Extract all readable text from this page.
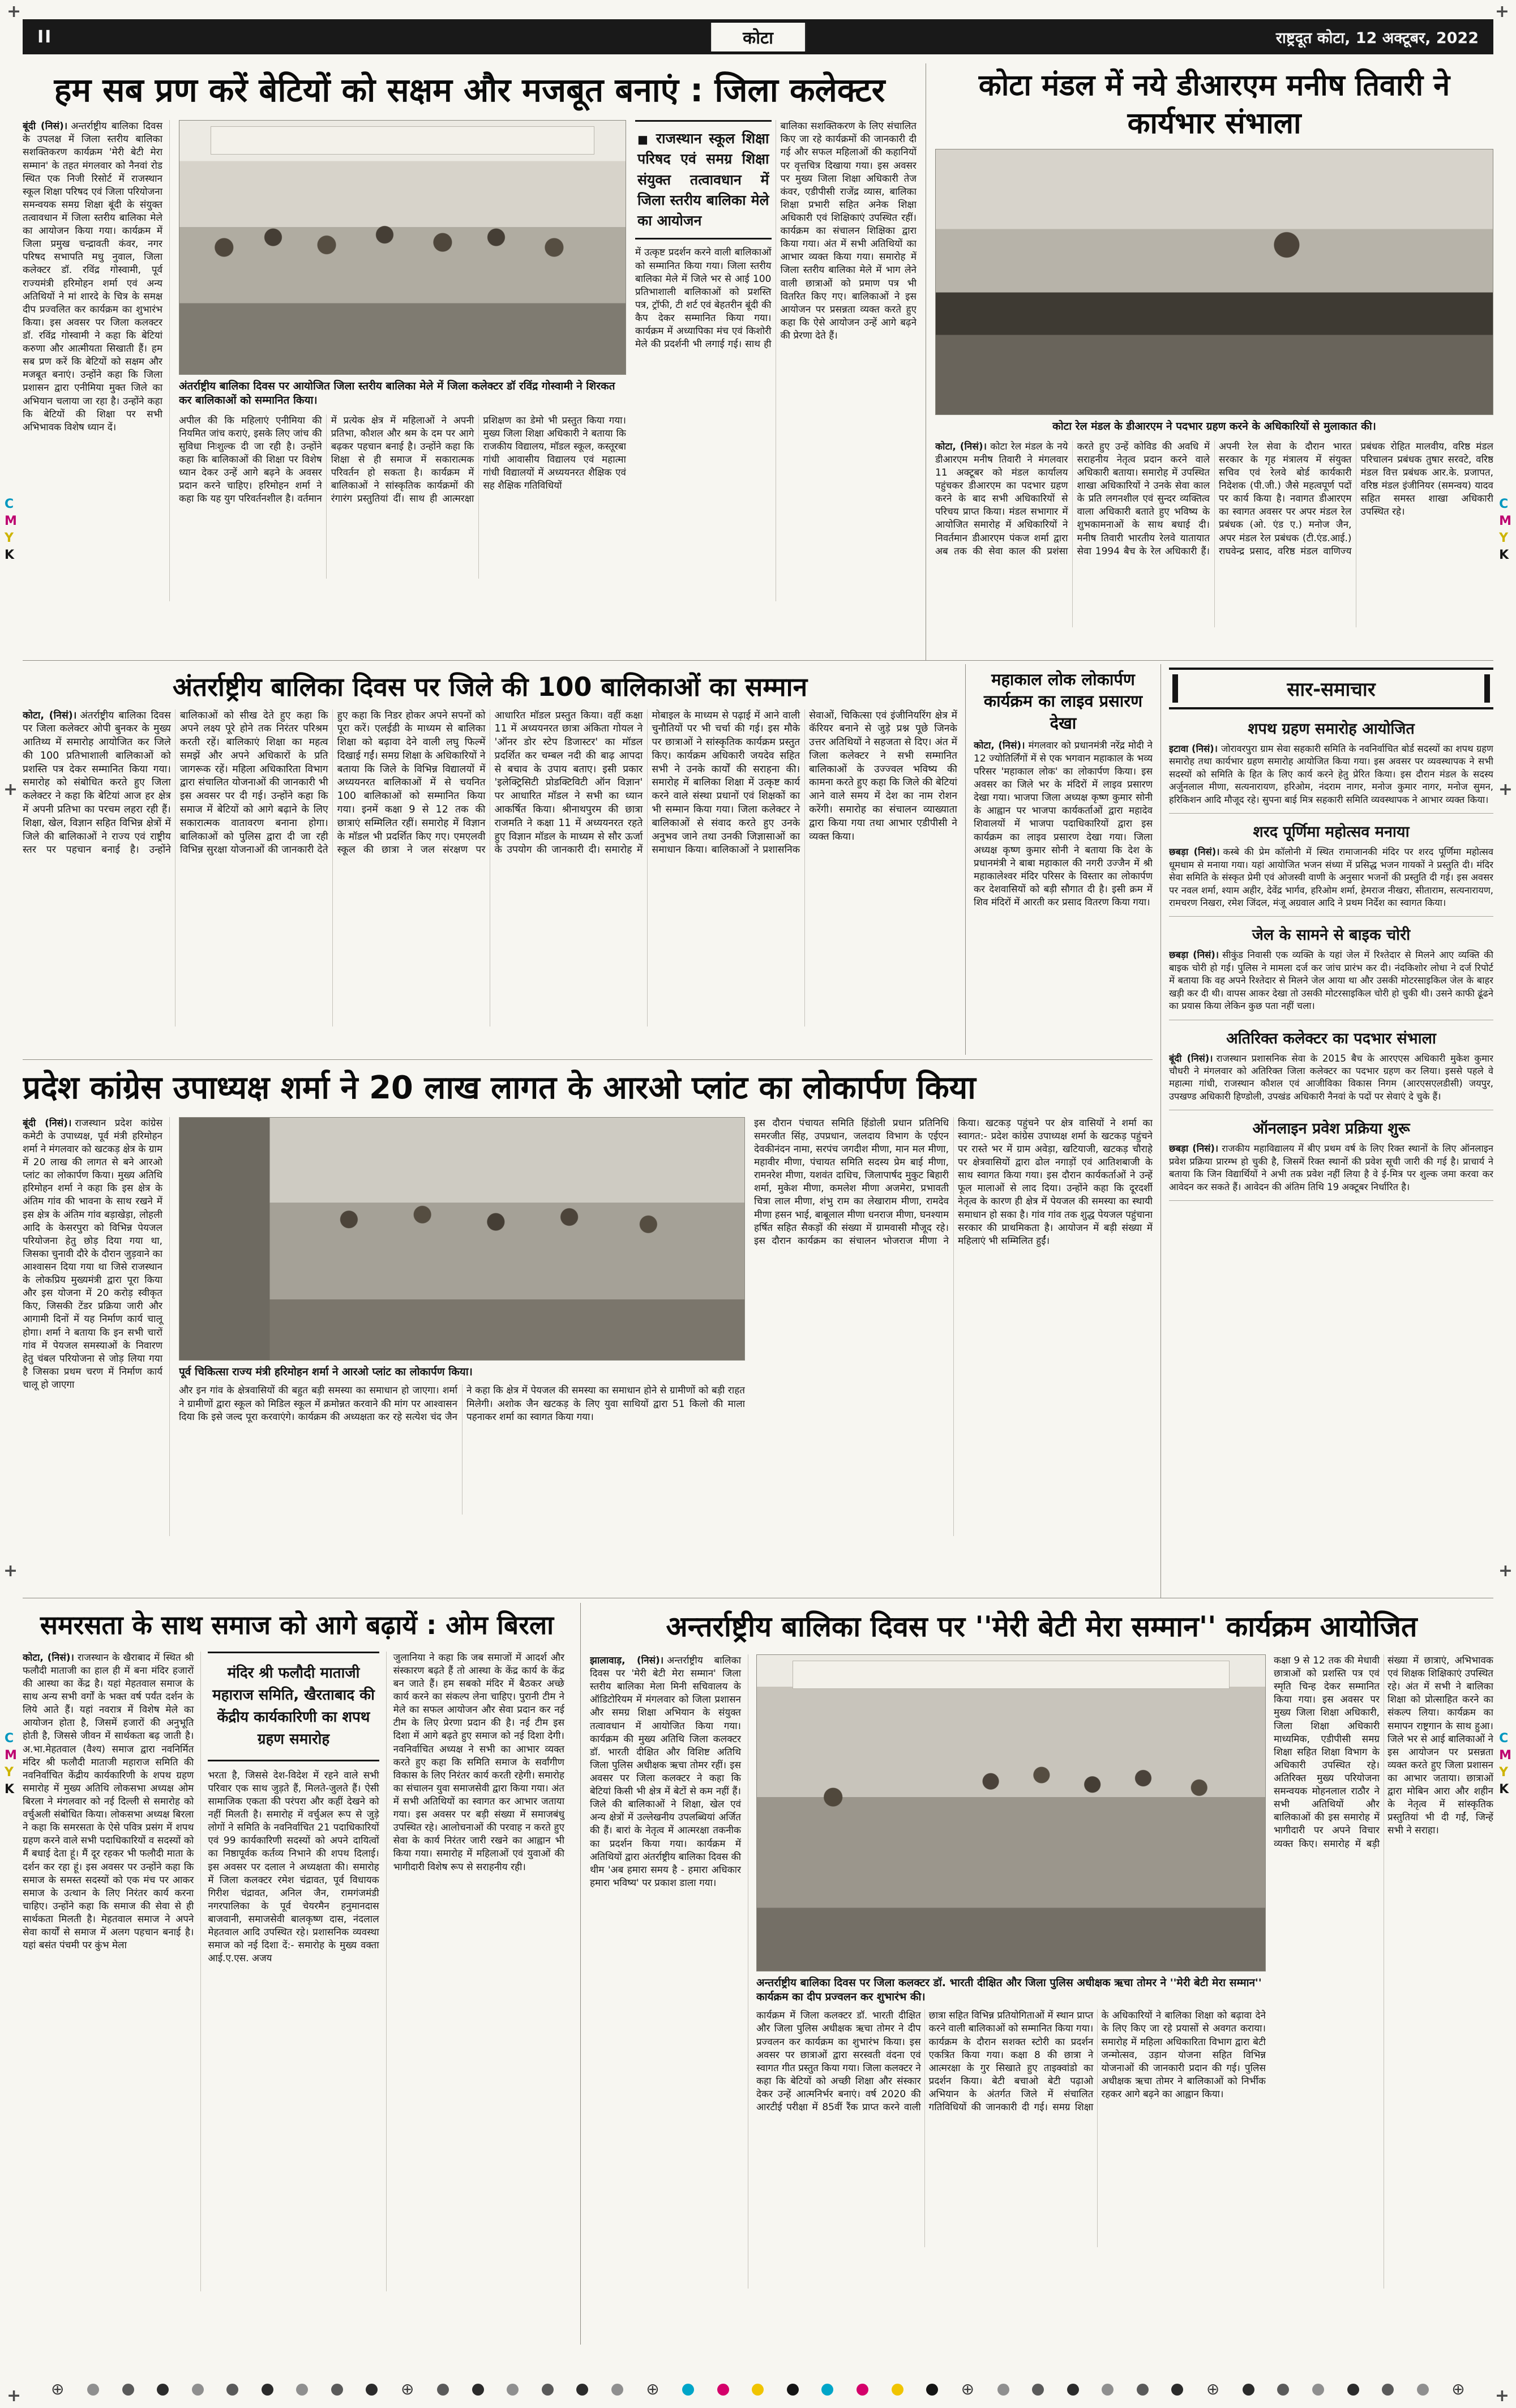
+	+
+	+
+	+
+	+
C
M
Y
K
C
M
Y
K
C
M
Y
K
C
M
Y
K
II	कोटा	राष्ट्रदूत कोटा, 12 अक्टूबर, 2022
हम सब प्रण करें बेटियों को सक्षम और मजबूत बनाएं : जिला कलेक्टर
बूंदी (निसं)। अन्तर्राष्ट्रीय बालिका दिवस के उपलक्ष में जिला स्तरीय बालिका सशक्तिकरण कार्यक्रम 'मेरी बेटी मेरा सम्मान' के तहत मंगलवार को नैनवां रोड स्थित एक निजी रिसोर्ट में राजस्थान स्कूल शिक्षा परिषद एवं जिला परियोजना समन्वयक समग्र शिक्षा बूंदी के संयुक्त तत्वावधान में जिला स्तरीय बालिका मेले का आयोजन किया गया। कार्यक्रम में जिला प्रमुख चन्द्रावती कंवर, नगर परिषद सभापति मधु नुवाल, जिला कलेक्टर डॉ. रविंद्र गोस्वामी, पूर्व राज्यमंत्री हरिमोहन शर्मा एवं अन्य अतिथियों ने मां शारदे के चित्र के समक्ष दीप प्रज्वलित कर कार्यक्रम का शुभारंभ किया। इस अवसर पर जिला कलक्टर डॉ. रविंद्र गोस्वामी ने कहा कि बेटियां करुणा और आत्मीयता सिखाती हैं। हम सब प्रण करें कि बेटियों को सक्षम और मजबूत बनाएं। उन्होंने कहा कि जिला प्रशासन द्वारा एनीमिया मुक्त जिले का अभियान चलाया जा रहा है। उन्होंने कहा कि बेटियों की शिक्षा पर सभी अभिभावक विशेष ध्यान दें।
अंतर्राष्ट्रीय बालिका दिवस पर आयोजित जिला स्तरीय बालिका मेले में जिला कलेक्टर डॉ रविंद्र गोस्वामी ने शिरकत कर बालिकाओं को सम्मानित किया।
अपील की कि महिलाएं एनीमिया की नियमित जांच कराएं, इसके लिए जांच की सुविधा निःशुल्क दी जा रही है। उन्होंने कहा कि बालिकाओं की शिक्षा पर विशेष ध्यान देकर उन्हें आगे बढ़ने के अवसर प्रदान करने चाहिए। हरिमोहन शर्मा ने कहा कि यह युग परिवर्तनशील है। वर्तमान में प्रत्येक क्षेत्र में महिलाओं ने अपनी प्रतिभा, कौशल और श्रम के दम पर आगे बढ़कर पहचान बनाई है। उन्होंने कहा कि शिक्षा से ही समाज में सकारात्मक परिवर्तन हो सकता है। कार्यक्रम में बालिकाओं ने सांस्कृतिक कार्यक्रमों की रंगारंग प्रस्तुतियां दीं। साथ ही आत्मरक्षा प्रशिक्षण का डेमो भी प्रस्तुत किया गया। मुख्य जिला शिक्षा अधिकारी ने बताया कि राजकीय विद्यालय, मॉडल स्कूल, कस्तूरबा गांधी आवासीय विद्यालय एवं महात्मा गांधी विद्यालयों में अध्ययनरत शैक्षिक एवं सह शैक्षिक गतिविधियों
■ राजस्थान स्कूल शिक्षा परिषद एवं समग्र शिक्षा संयुक्त तत्वावधान में जिला स्तरीय बालिका मेले का आयोजन
में उत्कृष्ट प्रदर्शन करने वाली बालिकाओं को सम्मानित किया गया। जिला स्तरीय बालिका मेले में जिले भर से आई 100 प्रतिभाशाली बालिकाओं को प्रशस्ति पत्र, ट्रॉफी, टी शर्ट एवं बेहतरीन बूंदी की कैप देकर सम्मानित किया गया। कार्यक्रम में अध्यापिका मंच एवं किशोरी मेले की प्रदर्शनी भी लगाई गई। साथ ही बालिका सशक्तिकरण के लिए संचालित किए जा रहे कार्यक्रमों की जानकारी दी गई और सफल महिलाओं की कहानियों पर वृत्तचित्र दिखाया गया। इस अवसर पर मुख्य जिला शिक्षा अधिकारी तेज कंवर, एडीपीसी राजेंद्र व्यास, बालिका शिक्षा प्रभारी सहित अनेक शिक्षा अधिकारी एवं शिक्षिकाएं उपस्थित रहीं। कार्यक्रम का संचालन शिक्षिका द्वारा किया गया। अंत में सभी अतिथियों का आभार व्यक्त किया गया। समारोह में जिला स्तरीय बालिका मेले में भाग लेने वाली छात्राओं को प्रमाण पत्र भी वितरित किए गए। बालिकाओं ने इस आयोजन पर प्रसन्नता व्यक्त करते हुए कहा कि ऐसे आयोजन उन्हें आगे बढ़ने की प्रेरणा देते हैं।
कोटा मंडल में नये डीआरएम मनीष तिवारी ने कार्यभार संभाला
कोटा रेल मंडल के डीआरएम ने पदभार ग्रहण करने के अधिकारियों से मुलाकात की।
कोटा, (निसं)। कोटा रेल मंडल के नये डीआरएम मनीष तिवारी ने मंगलवार 11 अक्टूबर को मंडल कार्यालय पहुंचकर डीआरएम का पदभार ग्रहण करने के बाद सभी अधिकारियों से परिचय प्राप्त किया। मंडल सभागार में आयोजित समारोह में अधिकारियों ने निवर्तमान डीआरएम पंकज शर्मा द्वारा अब तक की सेवा काल की प्रशंसा करते हुए उन्हें कोविड की अवधि में सराहनीय नेतृत्व प्रदान करने वाले अधिकारी बताया। समारोह में उपस्थित शाखा अधिकारियों ने उनके सेवा काल के प्रति लगनशील एवं सुन्दर व्यक्तित्व वाला अधिकारी बताते हुए भविष्य के शुभकामनाओं के साथ बधाई दी। मनीष तिवारी भारतीय रेलवे यातायात सेवा 1994 बैच के रेल अधिकारी हैं। अपनी रेल सेवा के दौरान भारत सरकार के गृह मंत्रालय में संयुक्त सचिव एवं रेलवे बोर्ड कार्यकारी निदेशक (पी.जी.) जैसे महत्वपूर्ण पदों पर कार्य किया है। नवागत डीआरएम का स्वागत अवसर पर अपर मंडल रेल प्रबंधक (ओ. एंड ए.) मनोज जैन, अपर मंडल रेल प्रबंधक (टी.एंड.आई.) राघवेन्द्र प्रसाद, वरिष्ठ मंडल वाणिज्य प्रबंधक रोहित मालवीय, वरिष्ठ मंडल परिचालन प्रबंधक तुषार सरवटे, वरिष्ठ मंडल वित्त प्रबंधक आर.के. प्रजापत, वरिष्ठ मंडल इंजीनियर (समन्वय) यादव सहित समस्त शाखा अधिकारी उपस्थित रहे।
अंतर्राष्ट्रीय बालिका दिवस पर जिले की 100 बालिकाओं का सम्मान
कोटा, (निसं)। अंतर्राष्ट्रीय बालिका दिवस पर जिला कलेक्टर ओपी बुनकर के मुख्य आतिथ्य में समारोह आयोजित कर जिले की 100 प्रतिभाशाली बालिकाओं को प्रशस्ति पत्र देकर सम्मानित किया गया। समारोह को संबोधित करते हुए जिला कलेक्टर ने कहा कि बेटियां आज हर क्षेत्र में अपनी प्रतिभा का परचम लहरा रही हैं। शिक्षा, खेल, विज्ञान सहित विभिन्न क्षेत्रों में जिले की बालिकाओं ने राज्य एवं राष्ट्रीय स्तर पर पहचान बनाई है। उन्होंने बालिकाओं को सीख देते हुए कहा कि अपने लक्ष्य पूरे होने तक निरंतर परिश्रम करती रहें। बालिकाएं शिक्षा का महत्व समझें और अपने अधिकारों के प्रति जागरूक रहें। महिला अधिकारिता विभाग द्वारा संचालित योजनाओं की जानकारी भी इस अवसर पर दी गई। उन्होंने कहा कि समाज में बेटियों को आगे बढ़ाने के लिए सकारात्मक वातावरण बनाना होगा। बालिकाओं को पुलिस द्वारा दी जा रही विभिन्न सुरक्षा योजनाओं की जानकारी देते हुए कहा कि निडर होकर अपने सपनों को पूरा करें। एलईडी के माध्यम से बालिका शिक्षा को बढ़ावा देने वाली लघु फिल्में दिखाई गईं। समग्र शिक्षा के अधिकारियों ने बताया कि जिले के विभिन्न विद्यालयों में अध्ययनरत बालिकाओं में से चयनित 100 बालिकाओं को सम्मानित किया गया। इनमें कक्षा 9 से 12 तक की छात्राएं सम्मिलित रहीं। समारोह में विज्ञान के मॉडल भी प्रदर्शित किए गए। एमएलवी स्कूल की छात्रा ने जल संरक्षण पर आधारित मॉडल प्रस्तुत किया। वहीं कक्षा 11 में अध्ययनरत छात्रा अंकिता गोयल ने 'ऑनर डोर स्टेप डिजास्टर' का मॉडल प्रदर्शित कर चम्बल नदी की बाढ़ आपदा से बचाव के उपाय बताए। इसी प्रकार 'इलेक्ट्रिसिटी प्रोडक्टिविटी ऑन विज्ञान' पर आधारित मॉडल ने सभी का ध्यान आकर्षित किया। श्रीनाथपुरम की छात्रा राजमति ने कक्षा 11 में अध्ययनरत रहते हुए विज्ञान मॉडल के माध्यम से सौर ऊर्जा के उपयोग की जानकारी दी। समारोह में मोबाइल के माध्यम से पढ़ाई में आने वाली चुनौतियों पर भी चर्चा की गई। इस मौके पर छात्राओं ने सांस्कृतिक कार्यक्रम प्रस्तुत किए। कार्यक्रम अधिकारी जयदेव सहित सभी ने उनके कार्यों की सराहना की। समारोह में बालिका शिक्षा में उत्कृष्ट कार्य करने वाले संस्था प्रधानों एवं शिक्षकों का भी सम्मान किया गया। जिला कलेक्टर ने बालिकाओं से संवाद करते हुए उनके अनुभव जाने तथा उनकी जिज्ञासाओं का समाधान किया। बालिकाओं ने प्रशासनिक सेवाओं, चिकित्सा एवं इंजीनियरिंग क्षेत्र में कॅरियर बनाने से जुड़े प्रश्न पूछे जिनके उत्तर अतिथियों ने सहजता से दिए। अंत में जिला कलेक्टर ने सभी सम्मानित बालिकाओं के उज्ज्वल भविष्य की कामना करते हुए कहा कि जिले की बेटियां आने वाले समय में देश का नाम रोशन करेंगी। समारोह का संचालन व्याख्याता द्वारा किया गया तथा आभार एडीपीसी ने व्यक्त किया।
महाकाल लोक लोकार्पण कार्यक्रम का लाइव प्रसारण देखा
कोटा, (निसं)। मंगलवार को प्रधानमंत्री नरेंद्र मोदी ने 12 ज्योतिर्लिंगों में से एक भगवान महाकाल के भव्य परिसर 'महाकाल लोक' का लोकार्पण किया। इस अवसर का जिले भर के मंदिरों में लाइव प्रसारण देखा गया। भाजपा जिला अध्यक्ष कृष्ण कुमार सोनी के आह्वान पर भाजपा कार्यकर्ताओं द्वारा महादेव शिवालयों में भाजपा पदाधिकारियों द्वारा इस कार्यक्रम का लाइव प्रसारण देखा गया। जिला अध्यक्ष कृष्ण कुमार सोनी ने बताया कि देश के प्रधानमंत्री ने बाबा महाकाल की नगरी उज्जैन में श्री महाकालेश्वर मंदिर परिसर के विस्तार का लोकार्पण कर देशवासियों को बड़ी सौगात दी है। इसी क्रम में शिव मंदिरों में आरती कर प्रसाद वितरण किया गया।
प्रदेश कांग्रेस उपाध्यक्ष शर्मा ने 20 लाख लागत के आरओ प्लांट का लोकार्पण किया
बूंदी (निसं)। राजस्थान प्रदेश कांग्रेस कमेटी के उपाध्यक्ष, पूर्व मंत्री हरिमोहन शर्मा ने मंगलवार को खटकड़ क्षेत्र के ग्राम में 20 लाख की लागत से बने आरओ प्लांट का लोकार्पण किया। मुख्य अतिथि हरिमोहन शर्मा ने कहा कि इस क्षेत्र के अंतिम गांव की भावना के साथ रखने में इस क्षेत्र के अंतिम गांव बड़ाखेड़ा, लोहली आदि के केसरपुरा को विभिन्न पेयजल परियोजना हेतु छोड़ दिया गया था, जिसका चुनावी दौरे के दौरान जुड़वाने का आश्वासन दिया गया था जिसे राजस्थान के लोकप्रिय मुख्यमंत्री द्वारा पूरा किया और इस योजना में 20 करोड़ स्वीकृत किए, जिसकी टेंडर प्रक्रिया जारी और आगामी दिनों में यह निर्माण कार्य चालू होगा। शर्मा ने बताया कि इन सभी चारों गांव में पेयजल समस्याओं के निवारण हेतु चंबल परियोजना से जोड़ लिया गया है जिसका प्रथम चरण में निर्माण कार्य चालू हो जाएगा
पूर्व चिकित्सा राज्य मंत्री हरिमोहन शर्मा ने आरओ प्लांट का लोकार्पण किया।
और इन गांव के क्षेत्रवासियों की बहुत बड़ी समस्या का समाधान हो जाएगा। शर्मा ने ग्रामीणों द्वारा स्कूल को मिडिल स्कूल में क्रमोन्नत करवाने की मांग पर आश्वासन दिया कि इसे जल्द पूरा करवाएंगे। कार्यक्रम की अध्यक्षता कर रहे सत्येश चंद जैन ने कहा कि क्षेत्र में पेयजल की समस्या का समाधान होने से ग्रामीणों को बड़ी राहत मिलेगी। अशोक जैन खटकड़ के लिए युवा साथियों द्वारा 51 किलो की माला पहनाकर शर्मा का स्वागत किया गया।
इस दौरान पंचायत समिति हिंडोली प्रधान प्रतिनिधि समरजीत सिंह, उपप्रधान, जलदाय विभाग के एईएन देवकीनंदन नामा, सरपंच जगदीश मीणा, मान मल मीणा, महावीर मीणा, पंचायत समिति सदस्य प्रेम बाई मीणा, रामनरेश मीणा, यशवंत दाधिच, जिलापार्षद मुकुट बिहारी शर्मा, मुकेश मीणा, कमलेश मीणा अजमेरा, प्रभावती चित्रा लाल मीणा, शंभु राम का लेखाराम मीणा, रामदेव मीणा हसन भाई, बाबूलाल मीणा धनराज मीणा, घनश्याम हर्षित सहित सैकड़ों की संख्या में ग्रामवासी मौजूद रहे। इस दौरान कार्यक्रम का संचालन भोजराज मीणा ने किया। खटकड़ पहुंचने पर क्षेत्र वासियों ने शर्मा का स्वागत:- प्रदेश कांग्रेस उपाध्यक्ष शर्मा के खटकड़ पहुंचने पर रास्ते भर में ग्राम अवेड़ा, खटियाजी, खटकड़ चौराहे पर क्षेत्रवासियों द्वारा ढोल नगाड़ों एवं आतिशबाजी के साथ स्वागत किया गया। इस दौरान कार्यकर्ताओं ने उन्हें फूल मालाओं से लाद दिया। उन्होंने कहा कि दूरदर्शी नेतृत्व के कारण ही क्षेत्र में पेयजल की समस्या का स्थायी समाधान हो सका है। गांव गांव तक शुद्ध पेयजल पहुंचाना सरकार की प्राथमिकता है। आयोजन में बड़ी संख्या में महिलाएं भी सम्मिलित हुईं।
सार-समाचार
शपथ ग्रहण समारोह आयोजित
इटावा (निसं)। जोरावरपुरा ग्राम सेवा सहकारी समिति के नवनिर्वाचित बोर्ड सदस्यों का शपथ ग्रहण समारोह तथा कार्यभार ग्रहण समारोह आयोजित किया गया। इस अवसर पर व्यवस्थापक ने सभी सदस्यों को समिति के हित के लिए कार्य करने हेतु प्रेरित किया। इस दौरान मंडल के सदस्य अर्जुनलाल मीणा, सत्यनारायण, हरिओम, नंदराम नागर, मनोज कुमार नागर, मनोज सुमन, हरिकिशन आदि मौजूद रहे। सुपना बाई मित्र सहकारी समिति व्यवस्थापक ने आभार व्यक्त किया।
शरद पूर्णिमा महोत्सव मनाया
छबड़ा (निसं)। कस्बे की प्रेम कॉलोनी में स्थित रामाजानकी मंदिर पर शरद पूर्णिमा महोत्सव धूमधाम से मनाया गया। यहां आयोजित भजन संध्या में प्रसिद्ध भजन गायकों ने प्रस्तुति दी। मंदिर सेवा समिति के संस्कृत प्रेमी एवं ओजस्वी वाणी के अनुसार भजनों की प्रस्तुति दी गई। इस अवसर पर नवल शर्मा, श्याम अहीर, देवेंद्र भार्गव, हरिओम शर्मा, हेमराज नीखरा, सीताराम, सत्यनारायण, रामचरण निखरा, रमेश जिंदल, मंजू अग्रवाल आदि ने प्रथम निर्देश का स्वागत किया।
जेल के सामने से बाइक चोरी
छबड़ा (निसं)। सीकुंड निवासी एक व्यक्ति के यहां जेल में रिश्तेदार से मिलने आए व्यक्ति की बाइक चोरी हो गई। पुलिस ने मामला दर्ज कर जांच प्रारंभ कर दी। नंदकिशोर लोधा ने दर्ज रिपोर्ट में बताया कि वह अपने रिश्तेदार से मिलने जेल आया था और उसकी मोटरसाइकिल जेल के बाहर खड़ी कर दी थी। वापस आकर देखा तो उसकी मोटरसाइकिल चोरी हो चुकी थी। उसने काफी ढूंढने का प्रयास किया लेकिन कुछ पता नहीं चला।
अतिरिक्त कलेक्टर का पदभार संभाला
बूंदी (निसं)। राजस्थान प्रशासनिक सेवा के 2015 बैच के आरएएस अधिकारी मुकेश कुमार चौधरी ने मंगलवार को अतिरिक्त जिला कलेक्टर का पदभार ग्रहण कर लिया। इससे पहले वे महात्मा गांधी, राजस्थान कौशल एवं आजीविका विकास निगम (आरएसएलडीसी) जयपुर, उपखण्ड अधिकारी हिण्डोली, उपखंड अधिकारी नैनवां के पदों पर सेवाएं दे चुके हैं।
ऑनलाइन प्रवेश प्रक्रिया शुरू
छबड़ा (निसं)। राजकीय महाविद्यालय में बीए प्रथम वर्ष के लिए रिक्त स्थानों के लिए ऑनलाइन प्रवेश प्रक्रिया प्रारम्भ हो चुकी है, जिसमें रिक्त स्थानों की प्रवेश सूची जारी की गई है। प्राचार्य ने बताया कि जिन विद्यार्थियों ने अभी तक प्रवेश नहीं लिया है वे ई-मित्र पर शुल्क जमा करवा कर आवेदन कर सकते हैं। आवेदन की अंतिम तिथि 19 अक्टूबर निर्धारित है।
समरसता के साथ समाज को आगे बढ़ायें : ओम बिरला
कोटा, (निसं)। राजस्थान के खैराबाद में स्थित श्री फलौदी माताजी का हाल ही में बना मंदिर हजारों की आस्था का केंद्र है। यहां मेहतवाल समाज के साथ अन्य सभी वर्गों के भक्त वर्ष पर्यंत दर्शन के लिये आते हैं। यहां नवरात्र में विशेष मेले का आयोजन होता है, जिसमें हजारों की अनुभूति होती है, जिससे जीवन में सार्थकता बढ़ जाती है। अ.भा.मेहतवाल (वैश्य) समाज द्वारा नवनिर्मित मंदिर श्री फलौदी माताजी महाराज समिति की नवनिर्वाचित केंद्रीय कार्यकारिणी के शपथ ग्रहण समारोह में मुख्य अतिथि लोकसभा अध्यक्ष ओम बिरला ने मंगलवार को नई दिल्ली से समारोह को वर्चुअली संबोधित किया। लोकसभा अध्यक्ष बिरला ने कहा कि समरसता के ऐसे पवित्र प्रसंग में शपथ ग्रहण करने वाले सभी पदाधिकारियों व सदस्यों को मैं बधाई देता हूं। मैं दूर रहकर भी फलौदी माता के दर्शन कर रहा हूं। इस अवसर पर उन्होंने कहा कि समाज के समस्त सदस्यों को एक मंच पर आकर समाज के उत्थान के लिए निरंतर कार्य करना चाहिए। उन्होंने कहा कि समाज की सेवा से ही सार्थकता मिलती है। मेहतवाल समाज ने अपने सेवा कार्यों से समाज में अलग पहचान बनाई है। यहां बसंत पंचमी पर कुंभ मेला
मंदिर श्री फलौदी माताजी महाराज समिति, खैरताबाद की केंद्रीय कार्यकारिणी का शपथ ग्रहण समारोह
भरता है, जिससे देश-विदेश में रहने वाले सभी परिवार एक साथ जुड़ते हैं, मिलते-जुलते हैं। ऐसी सामाजिक एकता की परंपरा और कहीं देखने को नहीं मिलती है। समारोह में वर्चुअल रूप से जुड़े लोगों ने समिति के नवनिर्वाचित 21 पदाधिकारियों एवं 99 कार्यकारिणी सदस्यों को अपने दायित्वों का निष्ठापूर्वक कर्तव्य निभाने की शपथ दिलाई। इस अवसर पर दलाल ने अध्यक्षता की। समारोह में जिला कलक्टर रमेश चंद्रावत, पूर्व विधायक गिरीश चंद्रावत, अनिल जैन, रामगंजमंडी नगरपालिका के पूर्व चेयरमैन हनुमानदास बाजवानी, समाजसेवी बालकृष्ण दास, नंदलाल मेहतवाल आदि उपस्थित रहे। प्रशासनिक व्यवस्था समाज को नई दिशा दें:- समारोह के मुख्य वक्ता आई.ए.एस. अजय
जुलानिया ने कहा कि जब समाजों में आदर्श और संस्कारण बढ़ते हैं तो आस्था के केंद्र कार्य के केंद्र बन जाते हैं। हम सबको मंदिर में बैठकर अच्छे कार्य करने का संकल्प लेना चाहिए। पुरानी टीम ने मेले का सफल आयोजन और सेवा प्रदान कर नई टीम के लिए प्रेरणा प्रदान की है। नई टीम इस दिशा में आगे बढ़ते हुए समाज को नई दिशा देगी। नवनिर्वाचित अध्यक्ष ने सभी का आभार व्यक्त करते हुए कहा कि समिति समाज के सर्वांगीण विकास के लिए निरंतर कार्य करती रहेगी। समारोह का संचालन युवा समाजसेवी द्वारा किया गया। अंत में सभी अतिथियों का स्वागत कर आभार जताया गया। इस अवसर पर बड़ी संख्या में समाजबंधु उपस्थित रहे। आलोचनाओं की परवाह न करते हुए सेवा के कार्य निरंतर जारी रखने का आह्वान भी किया गया। समारोह में महिलाओं एवं युवाओं की भागीदारी विशेष रूप से सराहनीय रही।
अन्तर्राष्ट्रीय बालिका दिवस पर ''मेरी बेटी मेरा सम्मान'' कार्यक्रम आयोजित
झालावाड़, (निसं)। अन्तर्राष्ट्रीय बालिका दिवस पर 'मेरी बेटी मेरा सम्मान' जिला स्तरीय बालिका मेला मिनी सचिवालय के ऑडिटोरियम में मंगलवार को जिला प्रशासन और समग्र शिक्षा अभियान के संयुक्त तत्वावधान में आयोजित किया गया। कार्यक्रम की मुख्य अतिथि जिला कलक्टर डॉ. भारती दीक्षित और विशिष्ट अतिथि जिला पुलिस अधीक्षक ऋचा तोमर रहीं। इस अवसर पर जिला कलक्टर ने कहा कि बेटियां किसी भी क्षेत्र में बेटों से कम नहीं हैं। जिले की बालिकाओं ने शिक्षा, खेल एवं अन्य क्षेत्रों में उल्लेखनीय उपलब्धियां अर्जित की हैं। बारां के नेतृत्व में आत्मरक्षा तकनीक का प्रदर्शन किया गया। कार्यक्रम में अतिथियों द्वारा अंतर्राष्ट्रीय बालिका दिवस की थीम 'अब हमारा समय है - हमारा अधिकार हमारा भविष्य' पर प्रकाश डाला गया।
अन्तर्राष्ट्रीय बालिका दिवस पर जिला कलक्टर डॉ. भारती दीक्षित और जिला पुलिस अधीक्षक ऋचा तोमर ने ''मेरी बेटी मेरा सम्मान'' कार्यक्रम का दीप प्रज्वलन कर शुभारंभ की।
कार्यक्रम में जिला कलक्टर डॉ. भारती दीक्षित और जिला पुलिस अधीक्षक ऋचा तोमर ने दीप प्रज्वलन कर कार्यक्रम का शुभारंभ किया। इस अवसर पर छात्राओं द्वारा सरस्वती वंदना एवं स्वागत गीत प्रस्तुत किया गया। जिला कलक्टर ने कहा कि बेटियों को अच्छी शिक्षा और संस्कार देकर उन्हें आत्मनिर्भर बनाएं। वर्ष 2020 की आरटीई परीक्षा में 85वीं रैंक प्राप्त करने वाली छात्रा सहित विभिन्न प्रतियोगिताओं में स्थान प्राप्त करने वाली बालिकाओं को सम्मानित किया गया। कार्यक्रम के दौरान सशक्त स्टोरी का प्रदर्शन एकत्रित किया गया। कक्षा 8 की छात्रा ने आत्मरक्षा के गुर सिखाते हुए ताइक्वांडो का प्रदर्शन किया। बेटी बचाओ बेटी पढ़ाओ अभियान के अंतर्गत जिले में संचालित गतिविधियों की जानकारी दी गई। समग्र शिक्षा के अधिकारियों ने बालिका शिक्षा को बढ़ावा देने के लिए किए जा रहे प्रयासों से अवगत कराया। समारोह में महिला अधिकारिता विभाग द्वारा बेटी जन्मोत्सव, उड़ान योजना सहित विभिन्न योजनाओं की जानकारी प्रदान की गई। पुलिस अधीक्षक ऋचा तोमर ने बालिकाओं को निर्भीक रहकर आगे बढ़ने का आह्वान किया।
कक्षा 9 से 12 तक की मेधावी छात्राओं को प्रशस्ति पत्र एवं स्मृति चिन्ह देकर सम्मानित किया गया। इस अवसर पर मुख्य जिला शिक्षा अधिकारी, जिला शिक्षा अधिकारी माध्यमिक, एडीपीसी समग्र शिक्षा सहित शिक्षा विभाग के अधिकारी उपस्थित रहे। अतिरिक्त मुख्य परियोजना समन्वयक मोहनलाल राठौर ने सभी अतिथियों और बालिकाओं की इस समारोह में भागीदारी पर अपने विचार व्यक्त किए। समारोह में बड़ी संख्या में छात्राएं, अभिभावक एवं शिक्षक शिक्षिकाएं उपस्थित रहे। अंत में सभी ने बालिका शिक्षा को प्रोत्साहित करने का संकल्प लिया। कार्यक्रम का समापन राष्ट्रगान के साथ हुआ। जिले भर से आई बालिकाओं ने इस आयोजन पर प्रसन्नता व्यक्त करते हुए जिला प्रशासन का आभार जताया। छात्राओं द्वारा मोबिन आरा और शहीन के नेतृत्व में सांस्कृतिक प्रस्तुतियां भी दी गईं, जिन्हें सभी ने सराहा।
⊕	⊕	⊕	⊕	⊕	⊕
